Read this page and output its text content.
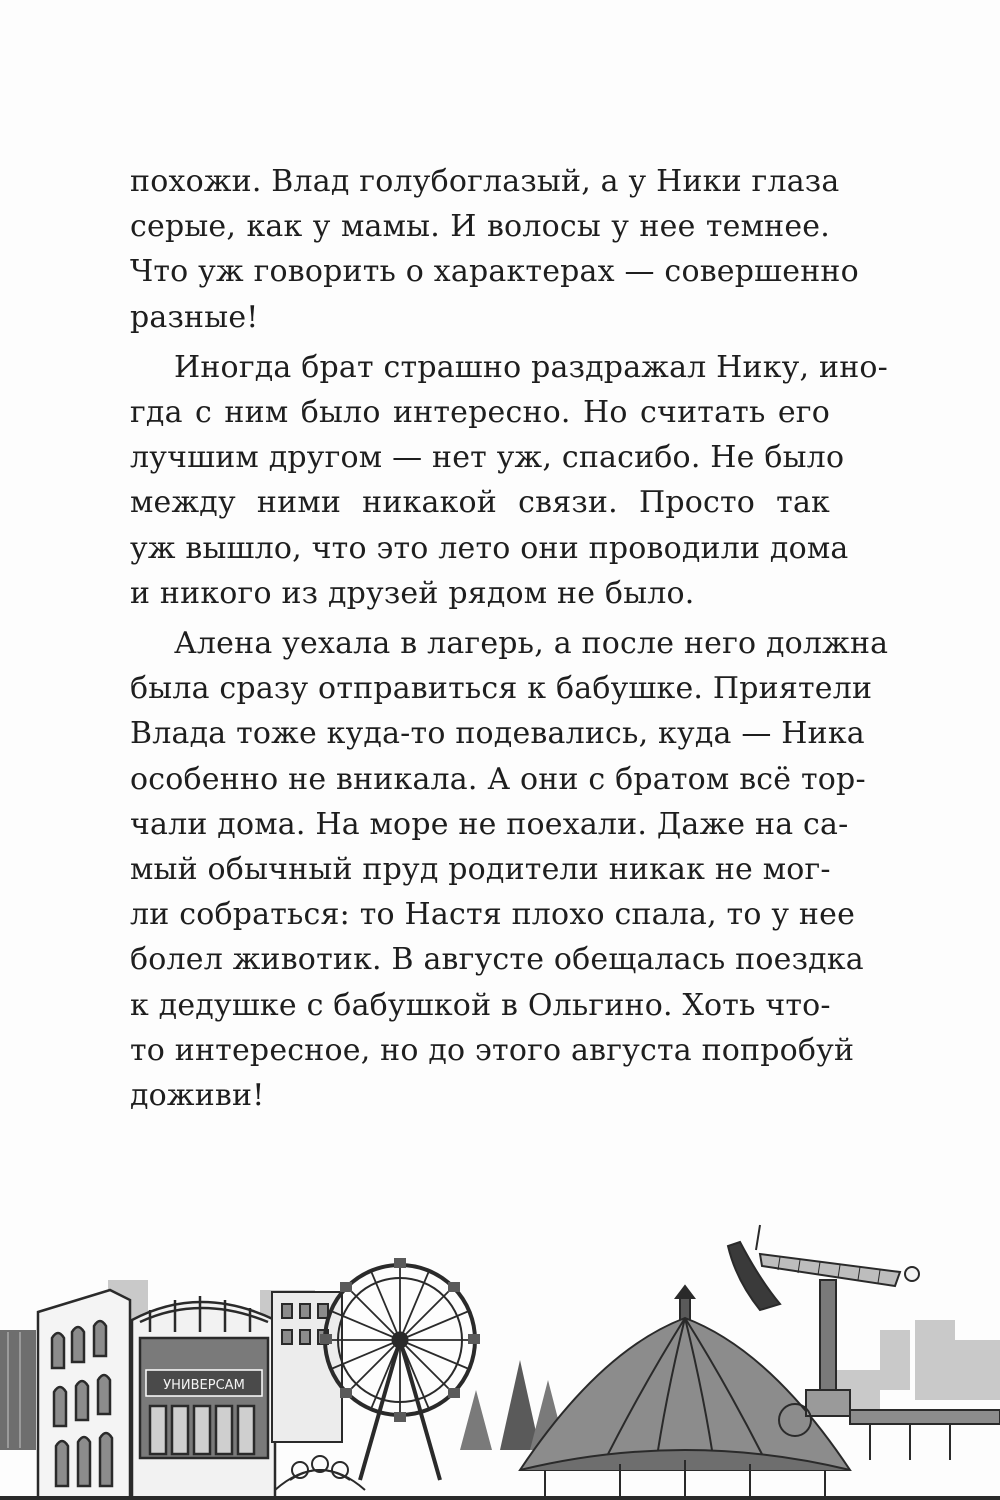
похожи. Влад голубоглазый, а у Ники глаза
серые, как у мамы. И волосы у нее темнее.
Что уж говорить о характерах — совершенно
разные!

Иногда брат страшно раздражал Нику, ино-
гда с ним было интересно. Но считать его
лучшим другом — нет уж, спасибо. Не было
между ними никакой связи. Просто так
уж вышло, что это лето они проводили дома
и никого из друзей рядом не было.

Алена уехала в лагерь, а после него должна
была сразу отправиться к бабушке. Приятели
Влада тоже куда-то подевались, куда — Ника
особенно не вникала. А они с братом всё тор-
чали дома. На море не поехали. Даже на са-
мый обычный пруд родители никак не мог-
ли собраться: то Настя плохо спала, то у нее
болел животик. В августе обещалась поездка
к дедушке с бабушкой в Ольгино. Хоть что-
то интересное, но до этого августа попробуй
доживи!

УНИВЕРСАМ
